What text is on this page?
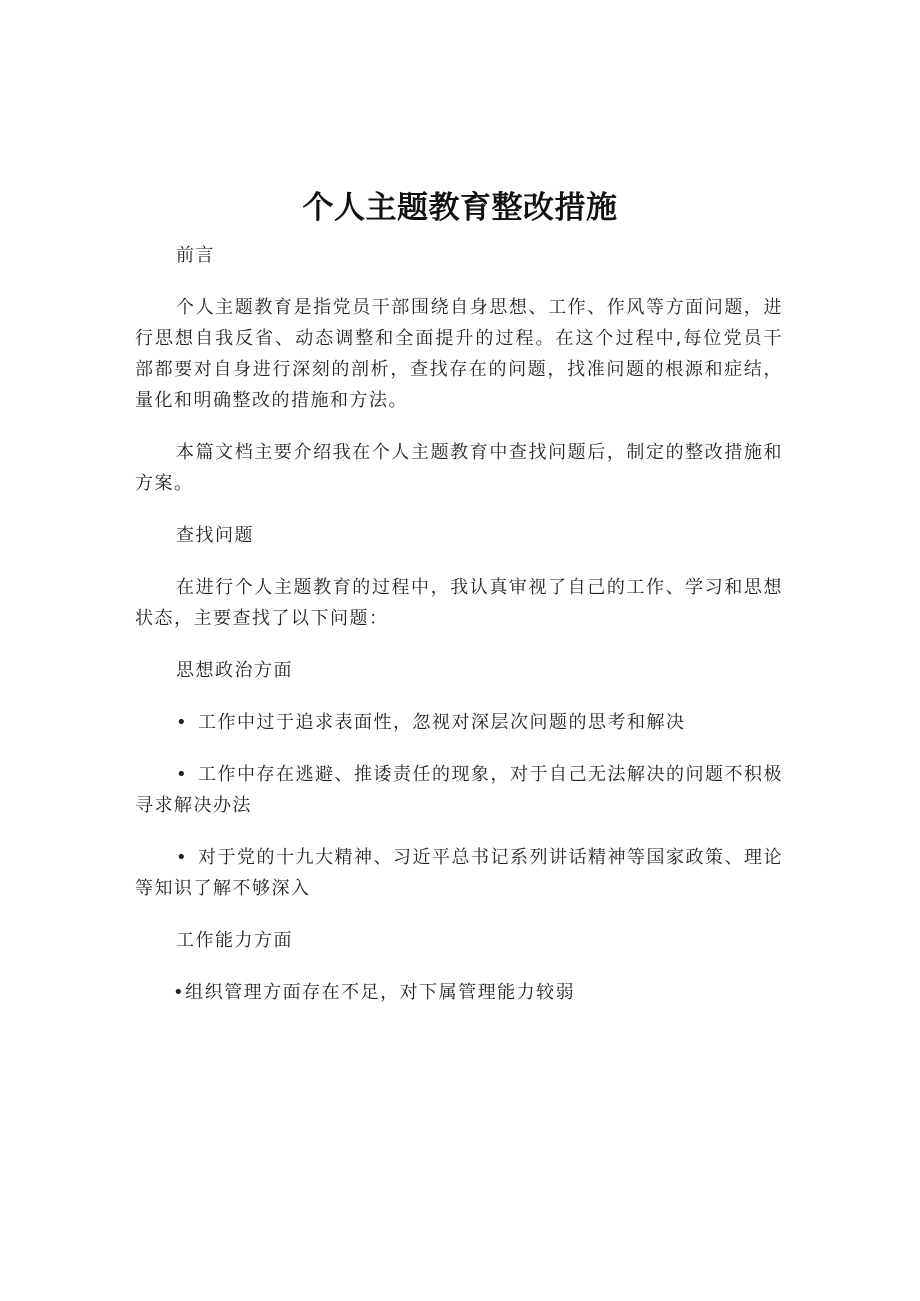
个人主题教育整改措施

前言

个人主题教育是指党员干部围绕自身思想、工作、作风等方面问题，进行思想自我反省、动态调整和全面提升的过程。在这个过程中,每位党员干部都要对自身进行深刻的剖析，查找存在的问题，找准问题的根源和症结，量化和明确整改的措施和方法。

本篇文档主要介绍我在个人主题教育中查找问题后，制定的整改措施和方案。

查找问题

在进行个人主题教育的过程中，我认真审视了自己的工作、学习和思想状态，主要查找了以下问题：

思想政治方面

• 工作中过于追求表面性，忽视对深层次问题的思考和解决

• 工作中存在逃避、推诿责任的现象，对于自己无法解决的问题不积极寻求解决办法

• 对于党的十九大精神、习近平总书记系列讲话精神等国家政策、理论等知识了解不够深入

工作能力方面

•组织管理方面存在不足，对下属管理能力较弱
